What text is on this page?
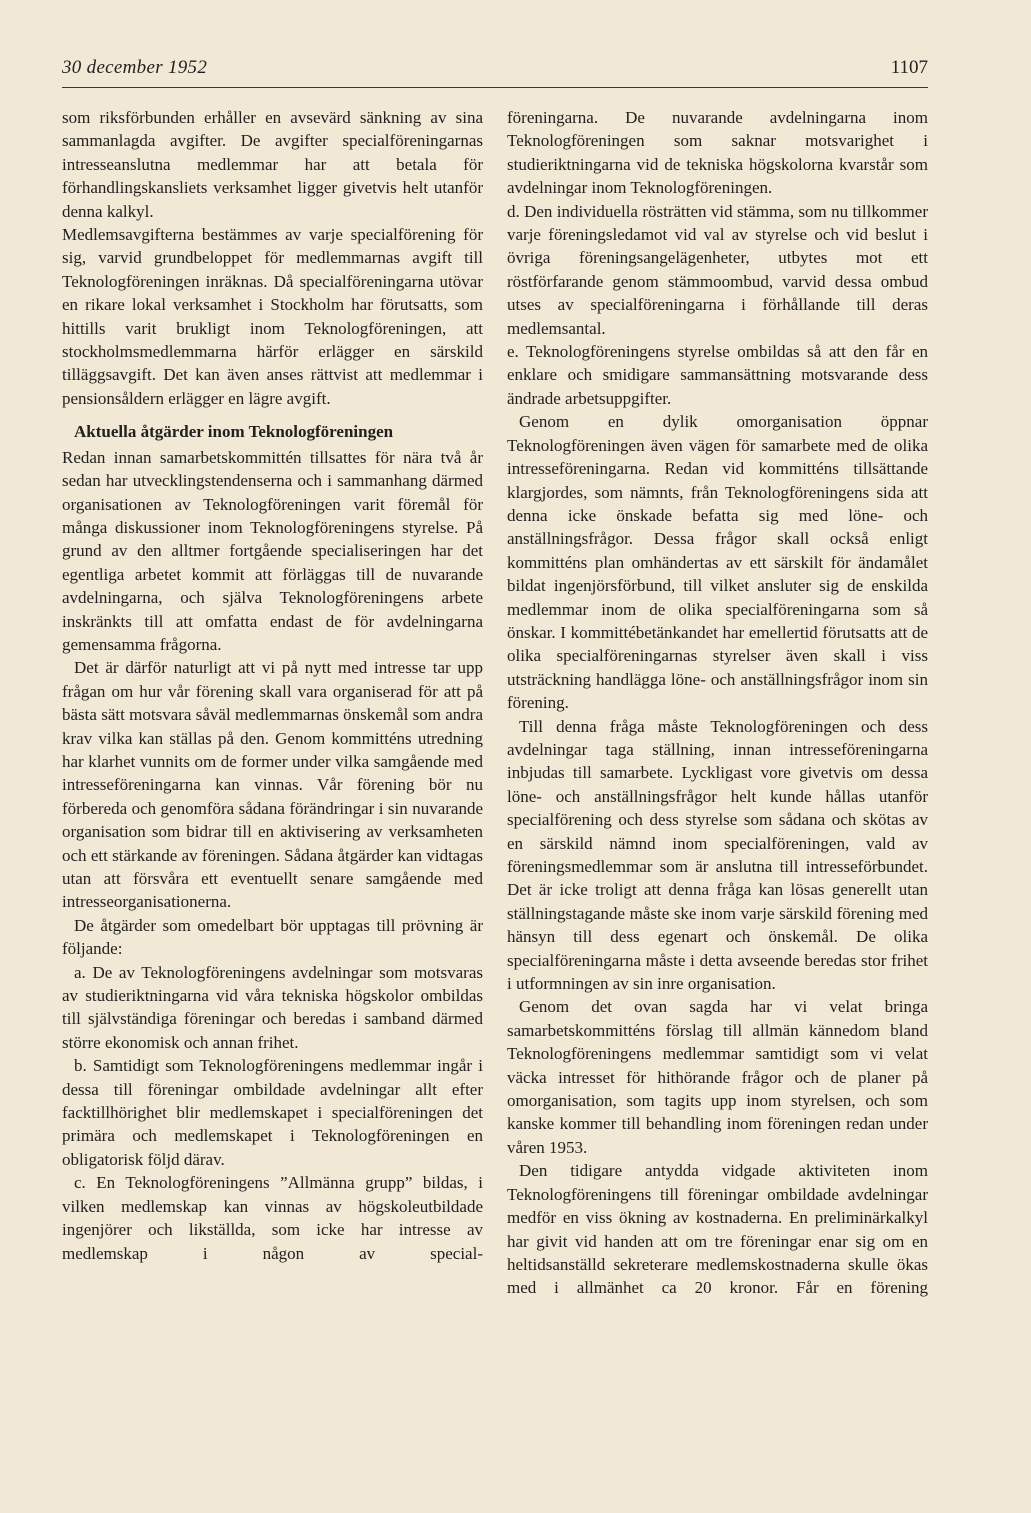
30 december 1952	1107

som riksförbunden erhåller en avsevärd sänkning av sina sammanlagda avgifter. De avgifter specialföreningarnas intresseanslutna medlemmar har att betala för förhandlingskansliets verksamhet ligger givetvis helt utanför denna kalkyl.

Medlemsavgifterna bestämmes av varje specialförening för sig, varvid grundbeloppet för medlemmarnas avgift till Teknologföreningen inräknas. Då specialföreningarna utövar en rikare lokal verksamhet i Stockholm har förutsatts, som hittills varit brukligt inom Teknologföreningen, att stockholmsmedlemmarna härför erlägger en särskild tilläggsavgift. Det kan även anses rättvist att medlemmar i pensionsåldern erlägger en lägre avgift.

Aktuella åtgärder inom Teknologföreningen

Redan innan samarbetskommittén tillsattes för nära två år sedan har utvecklingstendenserna och i sammanhang därmed organisationen av Teknologföreningen varit föremål för många diskussioner inom Teknologföreningens styrelse. På grund av den alltmer fortgående specialiseringen har det egentliga arbetet kommit att förläggas till de nuvarande avdelningarna, och själva Teknologföreningens arbete inskränkts till att omfatta endast de för avdelningarna gemensamma frågorna.

Det är därför naturligt att vi på nytt med intresse tar upp frågan om hur vår förening skall vara organiserad för att på bästa sätt motsvara såväl medlemmarnas önskemål som andra krav vilka kan ställas på den. Genom kommitténs utredning har klarhet vunnits om de former under vilka samgående med intresseföreningarna kan vinnas. Vår förening bör nu förbereda och genomföra sådana förändringar i sin nuvarande organisation som bidrar till en aktivisering av verksamheten och ett stärkande av föreningen. Sådana åtgärder kan vidtagas utan att försvåra ett eventuellt senare samgående med intresseorganisationerna.

De åtgärder som omedelbart bör upptagas till prövning är följande:

a. De av Teknologföreningens avdelningar som motsvaras av studieriktningarna vid våra tekniska högskolor ombildas till självständiga föreningar och beredas i samband därmed större ekonomisk och annan frihet.

b. Samtidigt som Teknologföreningens medlemmar ingår i dessa till föreningar ombildade avdelningar allt efter facktillhörighet blir medlemskapet i specialföreningen det primära och medlemskapet i Teknologföreningen en obligatorisk följd därav.

c. En Teknologföreningens ”Allmänna grupp” bildas, i vilken medlemskap kan vinnas av högskoleutbildade ingenjörer och likställda, som icke har intresse av medlemskap i någon av special-

föreningarna. De nuvarande avdelningarna inom Teknologföreningen som saknar motsvarighet i studieriktningarna vid de tekniska högskolorna kvarstår som avdelningar inom Teknologföreningen.

d. Den individuella rösträtten vid stämma, som nu tillkommer varje föreningsledamot vid val av styrelse och vid beslut i övriga föreningsangelägenheter, utbytes mot ett röstförfarande genom stämmoombud, varvid dessa ombud utses av specialföreningarna i förhållande till deras medlemsantal.

e. Teknologföreningens styrelse ombildas så att den får en enklare och smidigare sammansättning motsvarande dess ändrade arbetsuppgifter.

Genom en dylik omorganisation öppnar Teknologföreningen även vägen för samarbete med de olika intresseföreningarna. Redan vid kommitténs tillsättande klargjordes, som nämnts, från Teknologföreningens sida att denna icke önskade befatta sig med löne- och anställningsfrågor. Dessa frågor skall också enligt kommitténs plan omhändertas av ett särskilt för ändamålet bildat ingenjörsförbund, till vilket ansluter sig de enskilda medlemmar inom de olika specialföreningarna som så önskar. I kommittébetänkandet har emellertid förutsatts att de olika specialföreningarnas styrelser även skall i viss utsträckning handlägga löne- och anställningsfrågor inom sin förening.

Till denna fråga måste Teknologföreningen och dess avdelningar taga ställning, innan intresseföreningarna inbjudas till samarbete. Lyckligast vore givetvis om dessa löne- och anställningsfrågor helt kunde hållas utanför specialförening och dess styrelse som sådana och skötas av en särskild nämnd inom specialföreningen, vald av föreningsmedlemmar som är anslutna till intresseförbundet. Det är icke troligt att denna fråga kan lösas generellt utan ställningstagande måste ske inom varje särskild förening med hänsyn till dess egenart och önskemål. De olika specialföreningarna måste i detta avseende beredas stor frihet i utformningen av sin inre organisation.

Genom det ovan sagda har vi velat bringa samarbetskommitténs förslag till allmän kännedom bland Teknologföreningens medlemmar samtidigt som vi velat väcka intresset för hithörande frågor och de planer på omorganisation, som tagits upp inom styrelsen, och som kanske kommer till behandling inom föreningen redan under våren 1953.

Den tidigare antydda vidgade aktiviteten inom Teknologföreningens till föreningar ombildade avdelningar medför en viss ökning av kostnaderna. En preliminärkalkyl har givit vid handen att om tre föreningar enar sig om en heltidsanställd sekreterare medlemskostnaderna skulle ökas med i allmänhet ca 20 kronor. Får en förening
